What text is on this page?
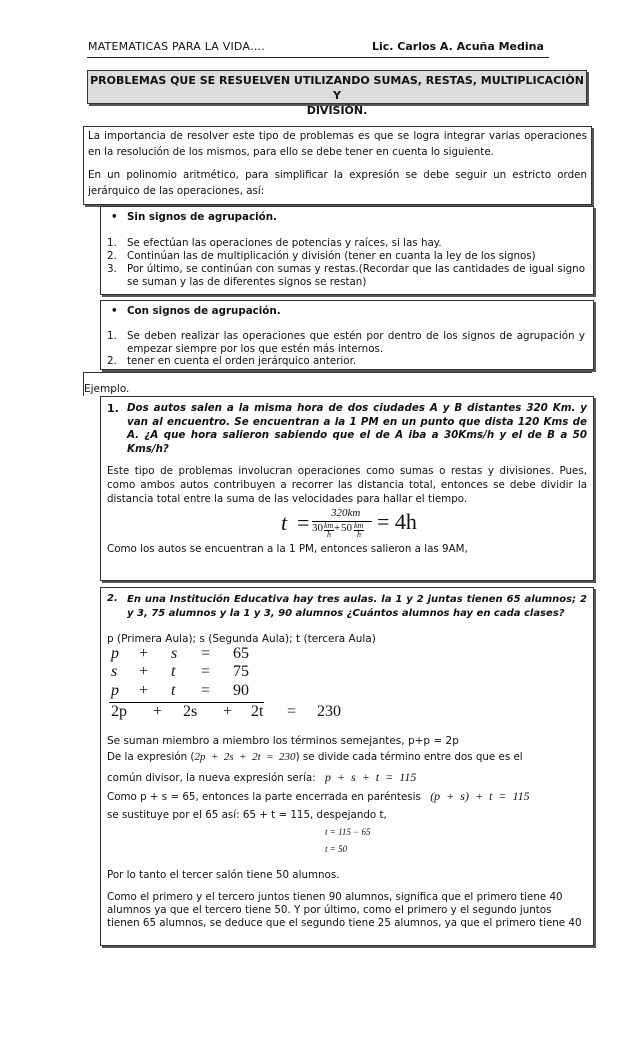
MATEMATICAS PARA LA VIDA….	Lic. Carlos A. Acuña Medina
PROBLEMAS QUE SE RESUELVEN UTILIZANDO SUMAS, RESTAS, MULTIPLICACIÒN Y
DIVISIÒN.
La importancia de resolver este tipo de problemas es que se logra integrar varias operaciones en la resolución de los mismos, para ello se debe tener en cuenta lo siguiente.
En un polinomio aritmético, para simplificar la expresión se debe seguir un estricto orden jerárquico de las operaciones, así:
• Sin signos de agrupación.
1. Se efectúan las operaciones de potencias y raíces, si las hay.
2. Continúan las de multiplicación y división (tener en cuanta la ley de los signos)
3. Por último, se continúan con sumas y restas.(Recordar que las cantidades de igual signo se suman y las de diferentes signos se restan)
• Con signos de agrupación.
1. Se deben realizar las operaciones que estén por dentro de los signos de agrupación y empezar siempre por los que estén más internos.
2. tener en cuenta el orden jerárquico anterior.
Ejemplo.
1. Dos autos salen a la misma hora de dos ciudades A y B distantes 320 Km. y van al encuentro. Se encuentran a la 1 PM en un punto que dista 120 Kms de A. ¿A que hora salieron sabiendo que el de A iba a 30Kms/h y el de B a 50 Kms/h?
Este tipo de problemas involucran operaciones como sumas o restas y divisiones. Pues, como ambos autos contribuyen a recorrer las distancia total, entonces se debe dividir la distancia total entre la suma de las velocidades para hallar el tiempo.
t = 320km
30 km
h
+ 50 km
h
= 4h
Como los autos se encuentran a la 1 PM, entonces salieron a las 9AM,
2. En una Institución Educativa hay tres aulas. la 1 y 2 juntas tienen 65 alumnos; 2 y 3, 75 alumnos y la 1 y 3, 90 alumnos ¿Cuántos alumnos hay en cada clases?
p (Primera Aula); s (Segunda Aula); t (tercera Aula)
p + s = 65
s + t = 75
p + t = 90
2p + 2s + 2t = 230
Se suman miembro a miembro los términos semejantes, p+p = 2p
De la expresión (2p  +  2s  +  2t  =  230) se divide cada término entre dos que es el
común divisor, la nueva expresión sería: p  +  s  +  t  =  115
Como p + s = 65, entonces la parte encerrada en paréntesis (p  +  s)  +  t  =  115
se sustituye por el 65 así: 65 + t = 115, despejando t,
t = 115 − 65
t = 50
Por lo tanto el tercer salón tiene 50 alumnos.
Como el primero y el tercero juntos tienen 90 alumnos, significa que el primero tiene 40 alumnos ya que el tercero tiene 50. Y por último, como el primero y el segundo juntos tienen 65 alumnos, se deduce que el segundo tiene 25 alumnos, ya que el primero tiene 40
